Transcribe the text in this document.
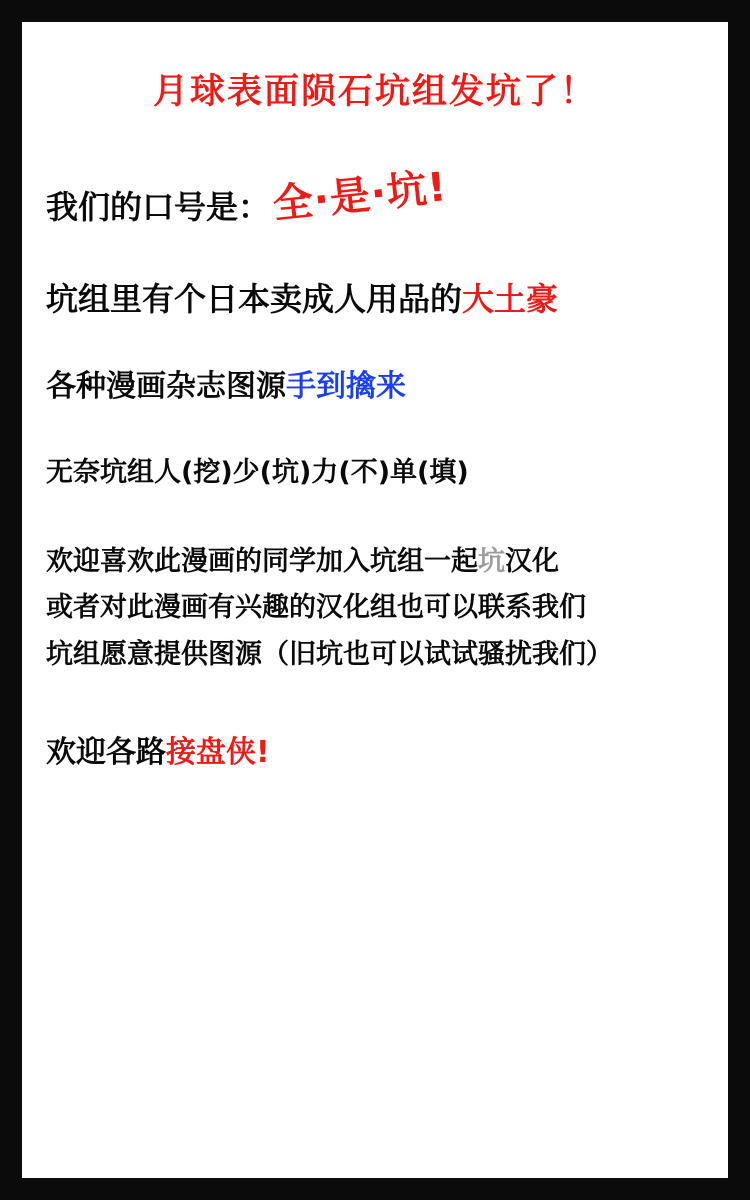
月球表面陨石坑组发坑了！
我们的口号是： 全·是·坑!
坑组里有个日本卖成人用品的大土豪
各种漫画杂志图源手到擒来
无奈坑组人(挖)少(坑)力(不)单(填)
欢迎喜欢此漫画的同学加入坑组一起坑汉化
或者对此漫画有兴趣的汉化组也可以联系我们
坑组愿意提供图源（旧坑也可以试试骚扰我们）
欢迎各路接盘侠!
